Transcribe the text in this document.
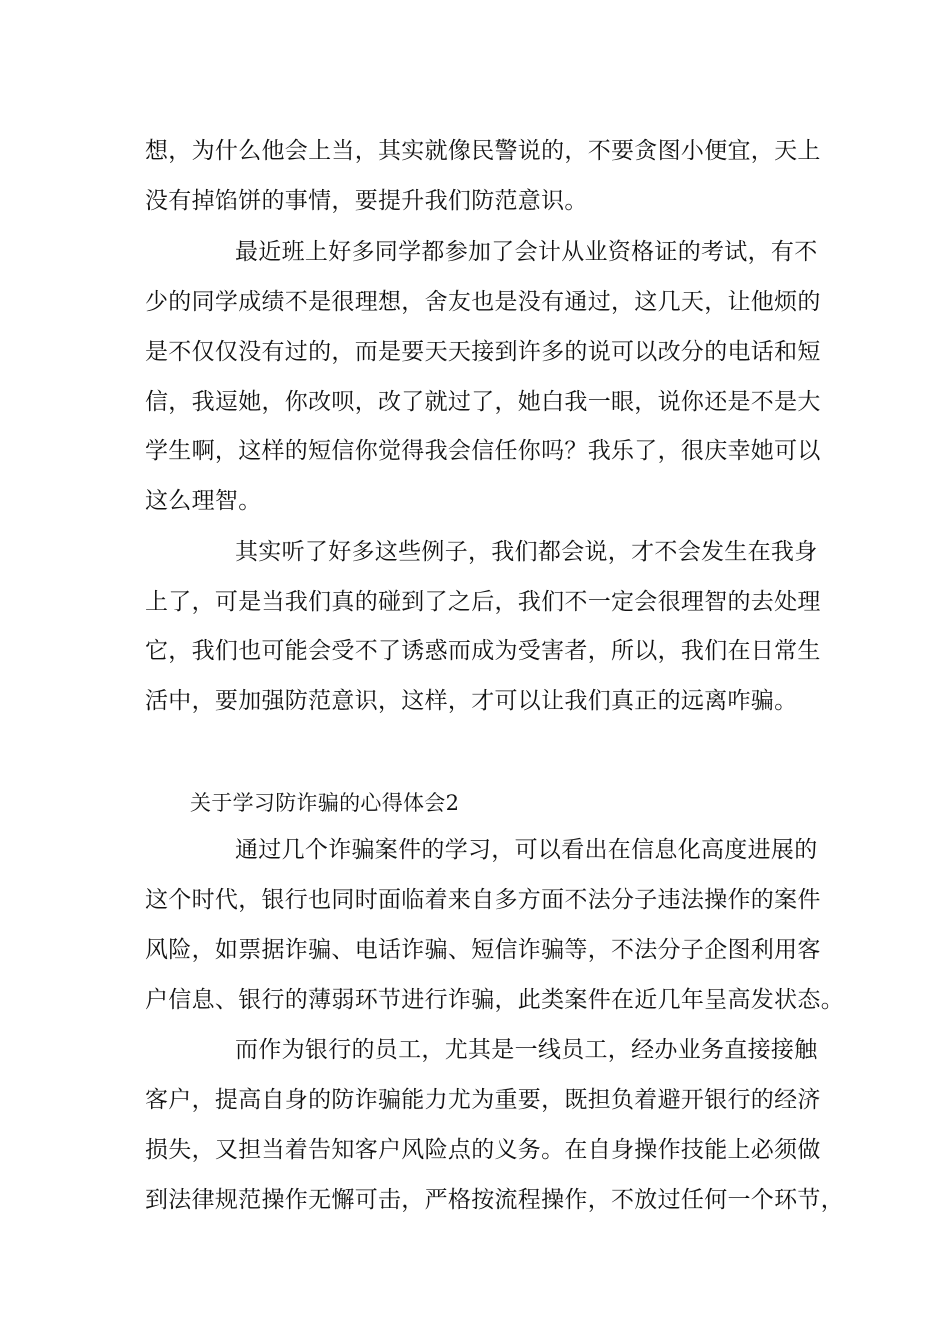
想，为什么他会上当，其实就像民警说的，不要贪图小便宜，天上
没有掉馅饼的事情，要提升我们防范意识。
最近班上好多同学都参加了会计从业资格证的考试，有不
少的同学成绩不是很理想，舍友也是没有通过，这几天，让他烦的
是不仅仅没有过的，而是要天天接到许多的说可以改分的电话和短
信，我逗她，你改呗，改了就过了，她白我一眼，说你还是不是大
学生啊，这样的短信你觉得我会信任你吗？我乐了，很庆幸她可以
这么理智。
其实听了好多这些例子，我们都会说，才不会发生在我身
上了，可是当我们真的碰到了之后，我们不一定会很理智的去处理
它，我们也可能会受不了诱惑而成为受害者，所以，我们在日常生
活中，要加强防范意识，这样，才可以让我们真正的远离咋骗。
关于学习防诈骗的心得体会2
通过几个诈骗案件的学习，可以看出在信息化高度进展的
这个时代，银行也同时面临着来自多方面不法分子违法操作的案件
风险，如票据诈骗、电话诈骗、短信诈骗等，不法分子企图利用客
户信息、银行的薄弱环节进行诈骗，此类案件在近几年呈高发状态。
而作为银行的员工，尤其是一线员工，经办业务直接接触
客户，提高自身的防诈骗能力尤为重要，既担负着避开银行的经济
损失，又担当着告知客户风险点的义务。在自身操作技能上必须做
到法律规范操作无懈可击，严格按流程操作，不放过任何一个环节，
